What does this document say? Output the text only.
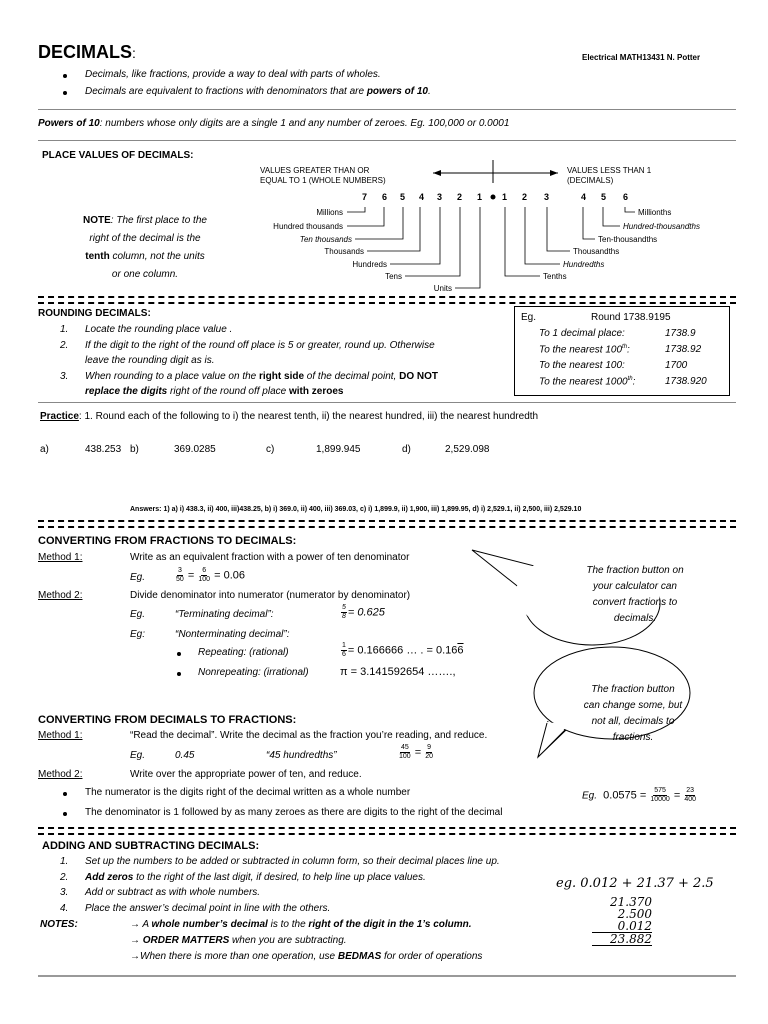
DECIMALS:	Electrical MATH13431 N. Potter
Decimals, like fractions, provide a way to deal with parts of wholes.
Decimals are equivalent to fractions with denominators that are powers of 10.
Powers of 10: numbers whose only digits are a single 1 and any number of zeroes. Eg. 100,000 or 0.0001
PLACE VALUES OF DECIMALS:
NOTE: The first place to the
right of the decimal is the
tenth column, not the units
or one column.
VALUES GREATER THAN OR
EQUAL TO 1 (WHOLE NUMBERS)
VALUES LESS THAN 1
(DECIMALS)
7 6 5	3 2 1 1 2 3	4 5 6
4
Millions
Hundred thousands
Ten thousands
Thousands
Hundreds
Tens
Units
Millionths
Hundred-thousandths
Ten-thousandths
Thousandths
Hundredths
Tenths
ROUNDING DECIMALS:
1. Locate the rounding place value .
2. If the digit to the right of the round off place is 5 or greater, round up. Otherwise
leave the rounding digit as is.
3. When rounding to a place value on the right side of the decimal point, DO NOT
replace the digits right of the round off place with zeroes
Eg.	Round 1738.9195
To 1 decimal place:	1738.9
To the nearest 100th:	1738.92
To the nearest 100:	1700
To the nearest 1000th:	1738.920
Practice: 1. Round each of the following to i) the nearest tenth, ii) the nearest hundred, iii) the nearest hundredth
a)	438.253 b)	369.0285	c)	1,899.945	d)	2,529.098
Answers: 1) a) i) 438.3, ii) 400, iii)438.25, b) i) 369.0, ii) 400, iii) 369.03, c) i) 1,899.9, ii) 1,900, iii) 1,899.95, d) i) 2,529.1, ii) 2,500, iii) 2,529.10
CONVERTING FROM FRACTIONS TO DECIMALS:
Method 1:	Write as an equivalent fraction with a power of ten denominator
Eg.	$\frac{3}{50} = \frac{6}{100} = 0.06$
Method 2:	Divide denominator into numerator (numerator by denominator)
Eg.	“Terminating decimal”:	$\frac{5}{8} = 0.625$
Eg:	“Nonterminating decimal”:
Repeating: (rational)	$\frac{1}{6} = 0.166666$ … . = 0.166
Nonrepeating: (irrational)	π = 3.141592654 …….,
The fraction button on
your calculator can
convert fractions to
decimals.
The fraction button
can change some, but
not all, decimals to
fractions.
CONVERTING FROM DECIMALS TO FRACTIONS:
Method 1:	“Read the decimal”. Write the decimal as the fraction you’re reading, and reduce.
Eg.	0.45	“45 hundredths”	$\frac{45}{100} = \frac{9}{20}$
Method 2:	Write over the appropriate power of ten, and reduce.
The numerator is the digits right of the decimal written as a whole number
The denominator is 1 followed by as many zeroes as there are digits to the right of the decimal
Eg. $0.0575 = \frac{575}{10000} = \frac{23}{400}$
ADDING AND SUBTRACTING DECIMALS:
1. Set up the numbers to be added or subtracted in column form, so their decimal places line up.
2. Add zeros to the right of the last digit, if desired, to help line up place values.
3. Add or subtract as with whole numbers.
4. Place the answer’s decimal point in line with the others.
NOTES:	→ A whole number’s decimal is to the right of the digit in the 1’s column.
→ ORDER MATTERS when you are subtracting.
→When there is more than one operation, use BEDMAS for order of operations
eg. 0.012 + 21.37 + 2.5
21.370
2.500
0.012
23.882
